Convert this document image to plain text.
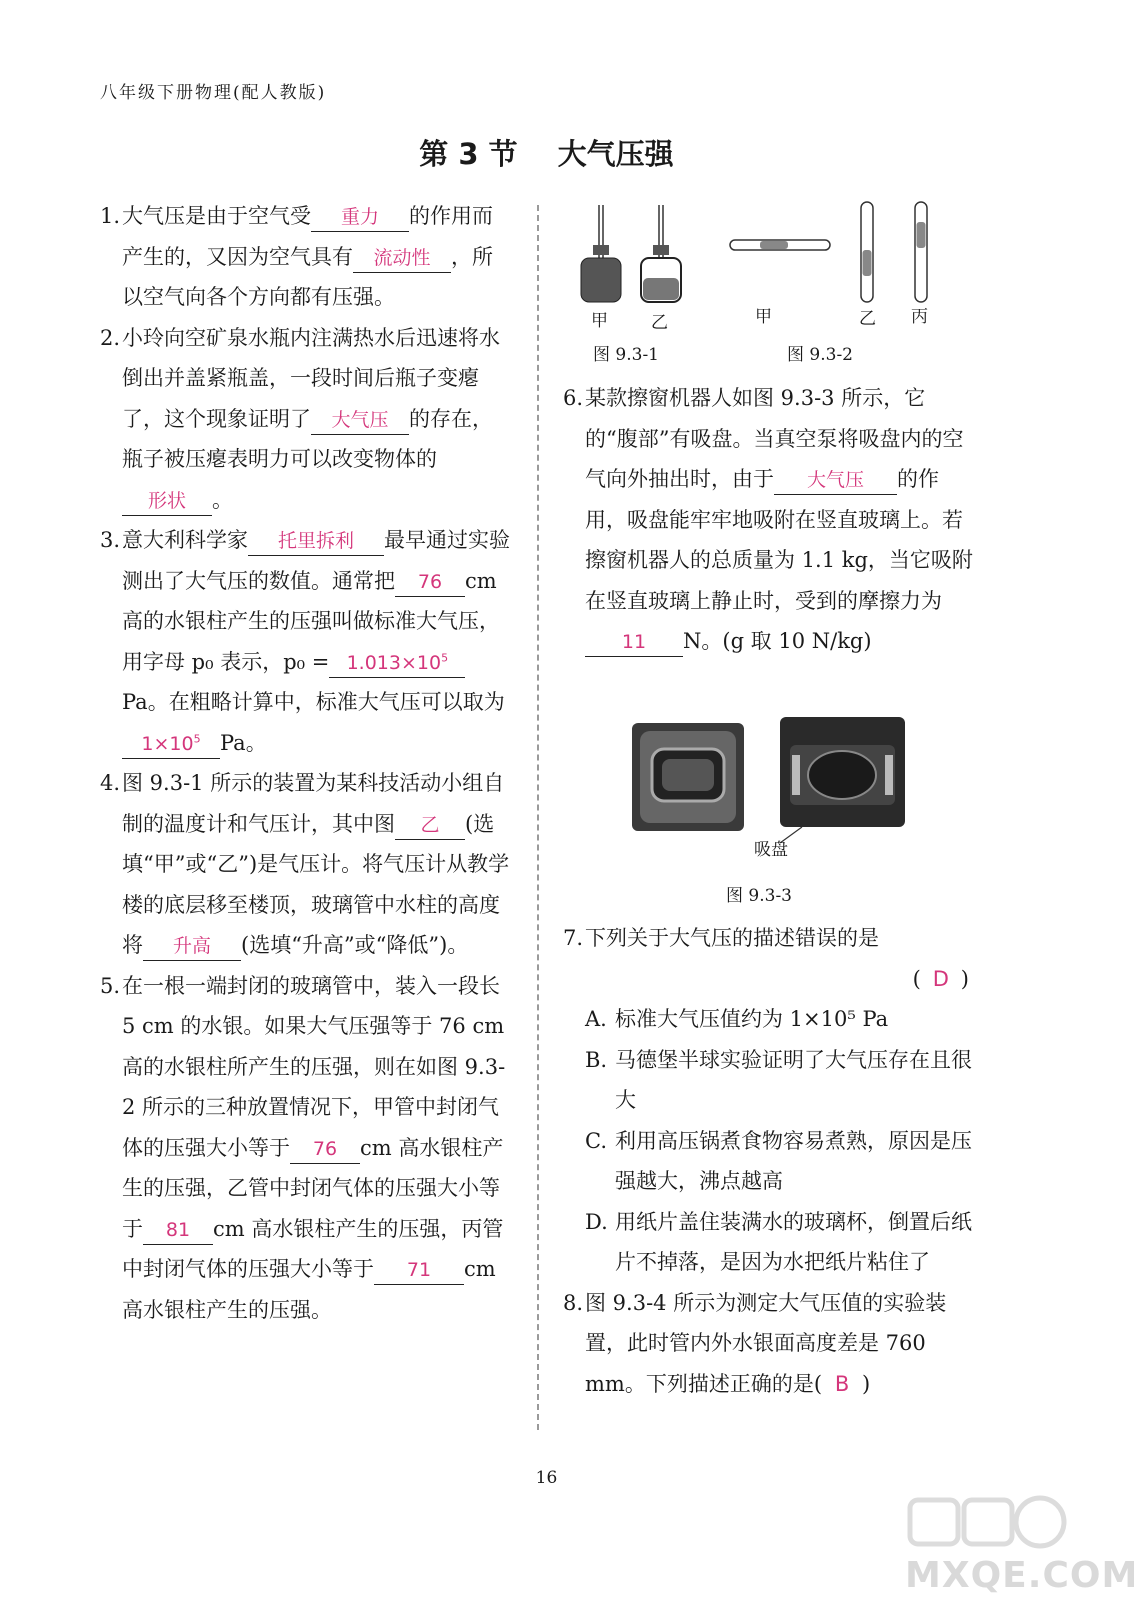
八年级下册物理(配人教版)
第 3 节 大气压强
1. 大气压是由于空气受 重力 的作用而产生的，又因为空气具有 流动性 ，所以空气向各个方向都有压强。
2. 小玲向空矿泉水瓶内注满热水后迅速将水倒出并盖紧瓶盖，一段时间后瓶子变瘪了，这个现象证明了 大气压 的存在，瓶子被压瘪表明力可以改变物体的形状 。
3. 意大利科学家 托里拆利 最早通过实验测出了大气压的数值。通常把 76 cm 高的水银柱产生的压强叫做标准大气压，用字母 p₀ 表示，$p_0 = 1.013\times 10^5Pa$。在粗略计算中，标准大气压可以取为$1\times 10^5$ Pa。
4. 图 9.3-1 所示的装置为某科技活动小组自制的温度计和气压计，其中图 乙 (选填“甲”或“乙”)是气压计。将气压计从教学楼的底层移至楼顶，玻璃管中水柱的高度将 升高 (选填“升高”或“降低”)。
5. 在一根一端封闭的玻璃管中，装入一段长 5 cm 的水银。如果大气压强等于 76 cm 高的水银柱所产生的压强，则在如图 9.3-2 所示的三种放置情况下，甲管中封闭气体的压强大小等于 76 cm 高水银柱产生的压强，乙管中封闭气体的压强大小等于 81 cm 高水银柱产生的压强，丙管中封闭气体的压强大小等于 71 cm 高水银柱产生的压强。
甲	乙
图 9.3-1
甲	乙 丙
图 9.3-2
6. 某款擦窗机器人如图 9.3-3 所示，它的“腹部”有吸盘。当真空泵将吸盘内的空气向外抽出时，由于 大气压 的作用，吸盘能牢牢地吸附在竖直玻璃上。若擦窗机器人的总质量为 1.1 kg，当它吸附在竖直玻璃上静止时，受到的摩擦力为11 N。(g 取 10 N/kg)
吸盘
图 9.3-3
7. 下列关于大气压的描述错误的是
( D )
A. 标准大气压值约为 1×10⁵ Pa
B. 马德堡半球实验证明了大气压存在且很大
C. 利用高压锅煮食物容易煮熟，原因是压强越大，沸点越高
D. 用纸片盖住装满水的玻璃杯，倒置后纸片不掉落，是因为水把纸片粘住了
8. 图 9.3-4 所示为测定大气压值的实验装置，此时管内外水银面高度差是 760 mm。下列描述正确的是( B )
16
MXQE.COM
